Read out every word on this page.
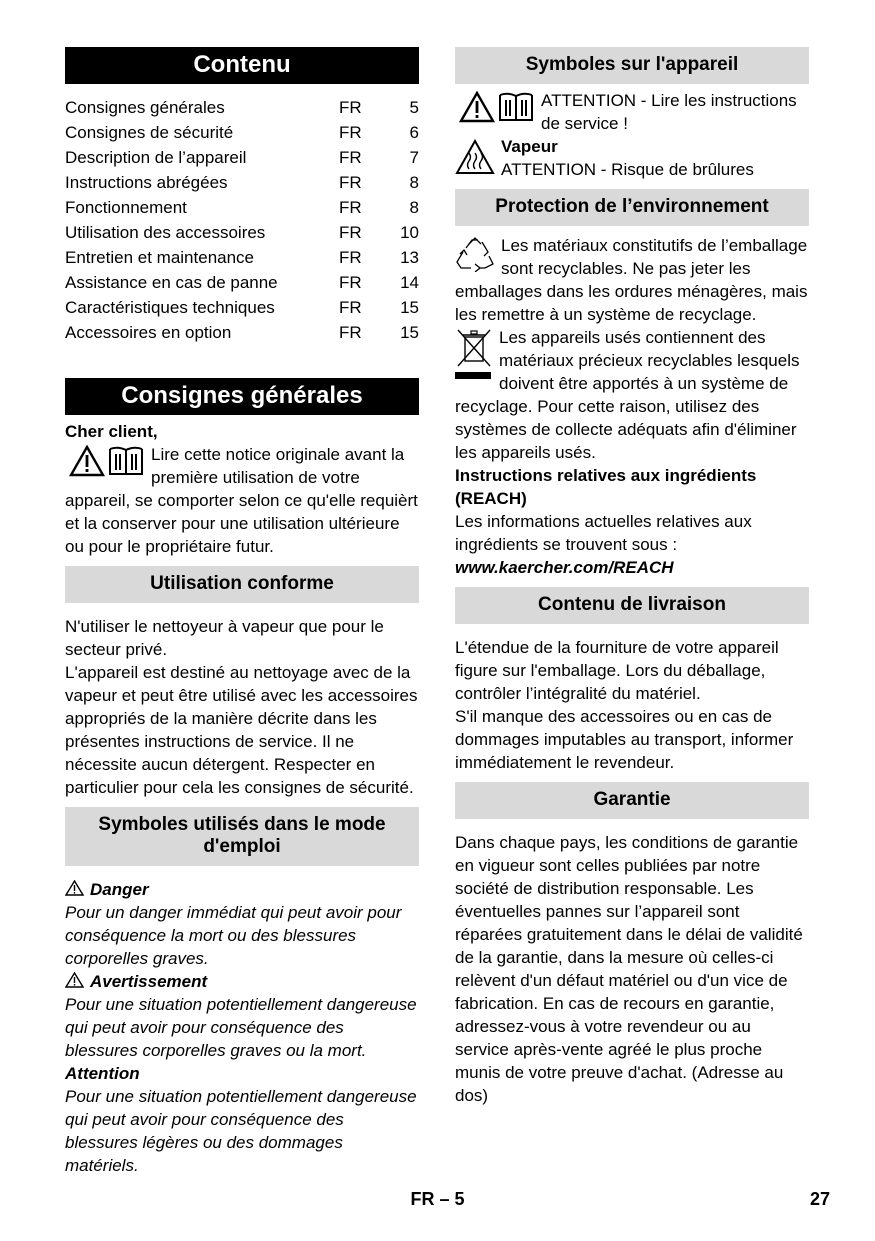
Contenu
Consignes générales	FR	5
Consignes de sécurité	FR	6
Description de l’appareil	FR	7
Instructions abrégées	FR	8
Fonctionnement	FR	8
Utilisation des accessoires	FR	10
Entretien et maintenance	FR	13
Assistance en cas de panne	FR	14
Caractéristiques techniques	FR	15
Accessoires en option	FR	15
Consignes générales

Cher client,

Lire cette notice originale avant la première utilisation de votre appareil, se comporter selon ce qu'elle requièrt et la conserver pour une utilisation ultérieure ou pour le propriétaire futur.

Utilisation conforme

N'utiliser le nettoyeur à vapeur que pour le secteur privé.

L'appareil est destiné au nettoyage avec de la vapeur et peut être utilisé avec les accessoires appropriés de la manière décrite dans les présentes instructions de service. Il ne nécessite aucun détergent. Respecter en particulier pour cela les consignes de sécurité.

Symboles utilisés dans le mode d'emploi

Danger

Pour un danger immédiat qui peut avoir pour conséquence la mort ou des blessures corporelles graves.

Avertissement

Pour une situation potentiellement dangereuse qui peut avoir pour conséquence des blessures corporelles graves ou la mort.

Attention

Pour une situation potentiellement dangereuse qui peut avoir pour conséquence des blessures légères ou des dommages matériels.

Symboles sur l'appareil

ATTENTION - Lire les instructions de service !

Vapeur

ATTENTION - Risque de brûlures

Protection de l’environnement

Les matériaux constitutifs de l’emballage sont recyclables. Ne pas jeter les emballages dans les ordures ménagères, mais les remettre à un système de recyclage.

Les appareils usés contiennent des matériaux précieux recyclables lesquels doivent être apportés à un système de recyclage. Pour cette raison, utilisez des systèmes de collecte adéquats afin d'éliminer les appareils usés.

Instructions relatives aux ingrédients (REACH)

Les informations actuelles relatives aux ingrédients se trouvent sous :

www.kaercher.com/REACH

Contenu de livraison

L'étendue de la fourniture de votre appareil figure sur l'emballage. Lors du déballage, contrôler l’intégralité du matériel.

S'il manque des accessoires ou en cas de dommages imputables au transport, informer immédiatement le revendeur.

Garantie

Dans chaque pays, les conditions de garantie en vigueur sont celles publiées par notre société de distribution responsable. Les éventuelles pannes sur l’appareil sont réparées gratuitement dans le délai de validité de la garantie, dans la mesure où celles-ci relèvent d'un défaut matériel ou d'un vice de fabrication. En cas de recours en garantie, adressez-vous à votre revendeur ou au service après-vente agréé le plus proche munis de votre preuve d'achat. (Adresse au dos)

FR – 5	27
